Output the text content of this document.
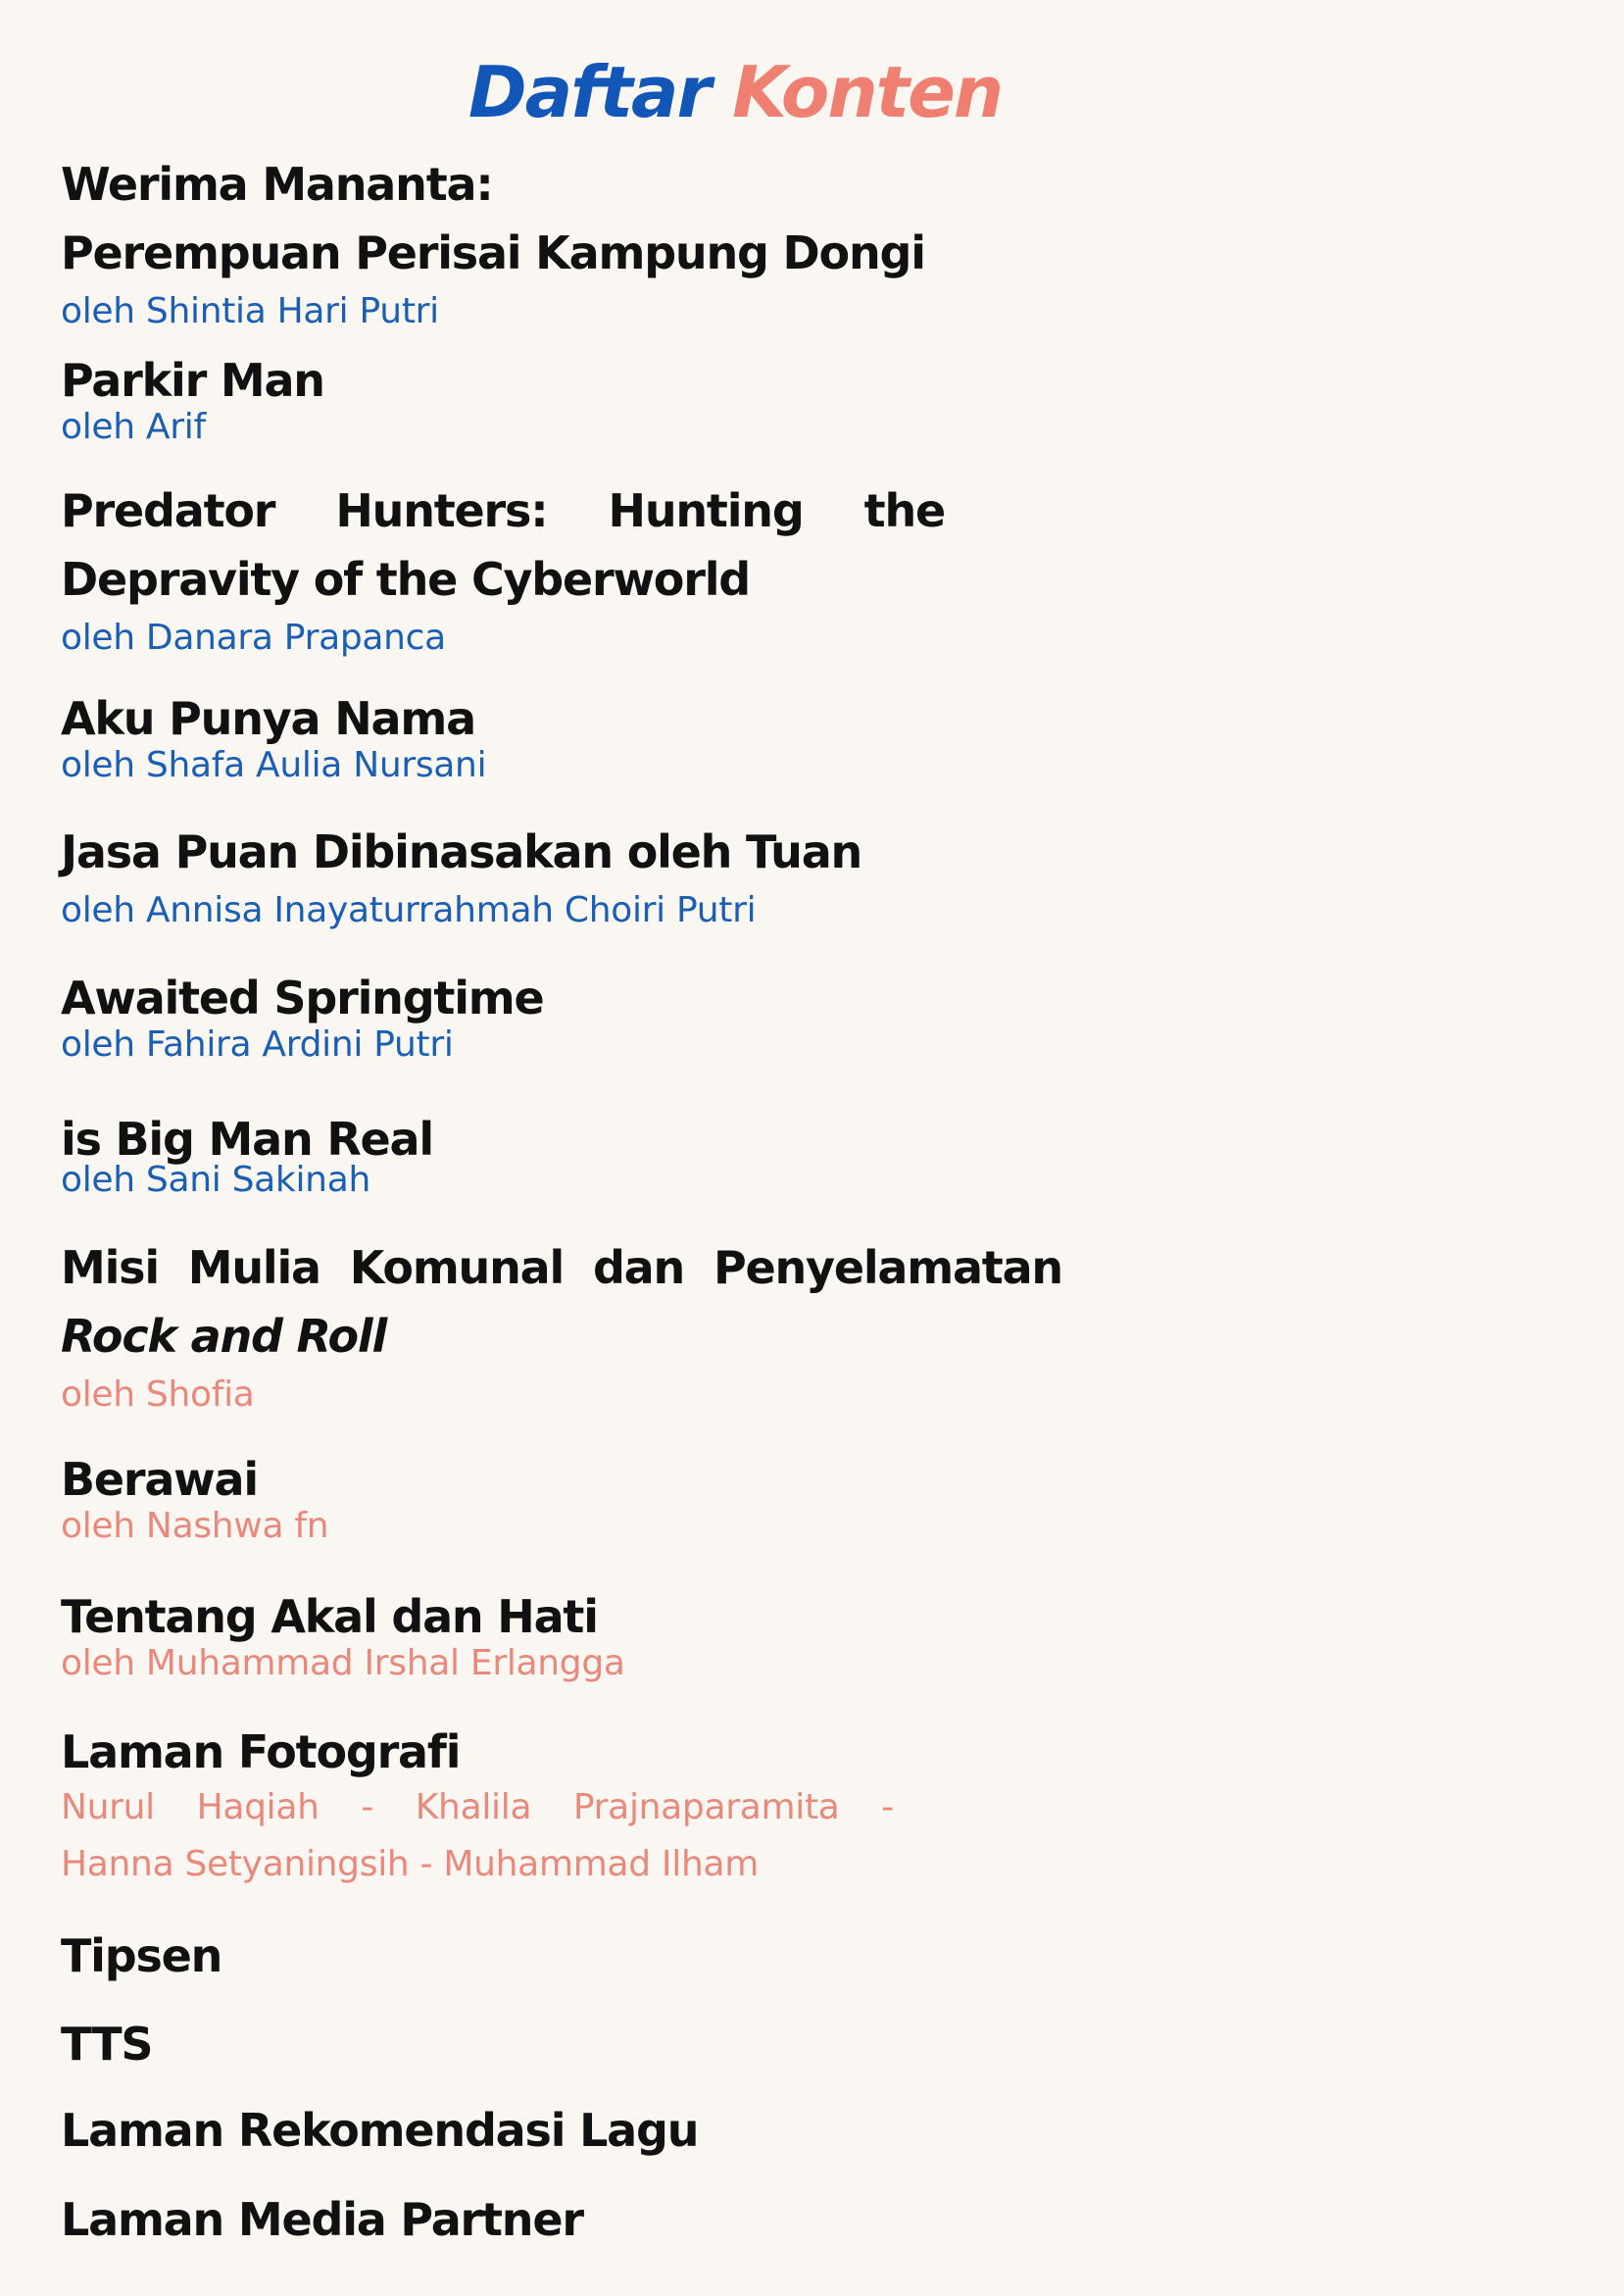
Daftar Konten

Werima Mananta:

Perempuan Perisai Kampung Dongi

oleh Shintia Hari Putri

Parkir Man

oleh Arif

Predator Hunters: Hunting the

Depravity of the Cyberworld

oleh Danara Prapanca

Aku Punya Nama

oleh Shafa Aulia Nursani

Jasa Puan Dibinasakan oleh Tuan

oleh Annisa Inayaturrahmah Choiri Putri

Awaited Springtime

oleh Fahira Ardini Putri

is Big Man Real

oleh Sani Sakinah

Misi Mulia Komunal dan Penyelamatan

Rock and Roll

oleh Shofia

Berawai

oleh Nashwa fn

Tentang Akal dan Hati

oleh Muhammad Irshal Erlangga

Laman Fotografi

Nurul Haqiah - Khalila Prajnaparamita -

Hanna Setyaningsih - Muhammad Ilham

Tipsen

TTS

Laman Rekomendasi Lagu

Laman Media Partner
